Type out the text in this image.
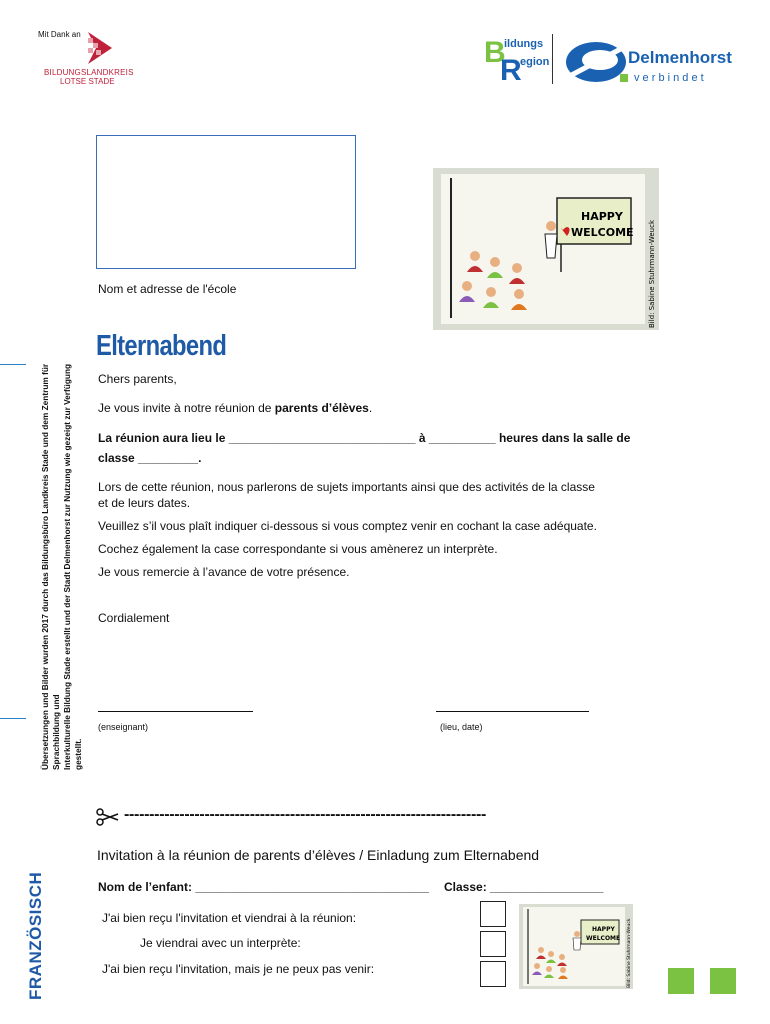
Mit Dank an
BILDUNGSLANDKREIS
LOTSE STADE
B
ildungs
R
egion	Delmenhorst
v e r b i n d e t
Nom et adresse de l'école
HAPPY
WELCOME Bild: Sabine Stuhrmann-Weuck
Elternabend
Übersetzungen und Bilder wurden 2017 durch das Bildungsbüro Landkreis Stade und dem Zentrum für Sprachbildung und Interkulturelle Bildung Stade erstellt und der Stadt Delmenhorst zur Nutzung wie gezeigt zur Verfügung gestellt.
FRANZÖSISCH
Chers parents,
Je vous invite à notre réunion de parents d’élèves.
La réunion aura lieu le ____________________________ à __________ heures dans la salle de
classe _________.
Lors de cette réunion, nous parlerons de sujets importants ainsi que des activités de la classe
et de leurs dates.
Veuillez s’il vous plaît indiquer ci-dessous si vous comptez venir en cochant la case adéquate.
Cochez également la case correspondante si vous amènerez un interprète.
Je vous remercie à l’avance de votre présence.
Cordialement
(enseignant)	(lieu, date)
------------------------------------------------------------------------
Invitation à la réunion de parents d’élèves / Einladung zum Elternabend
Nom de l’enfant: ___________________________________ Classe: _________________
J'ai bien reçu l'invitation et viendrai à la réunion:
Je viendrai avec un interprète:
J'ai bien reçu l'invitation, mais je ne peux pas venir:
HAPPY
WELCOME Bild: Sabine Stuhrmann-Weuck
